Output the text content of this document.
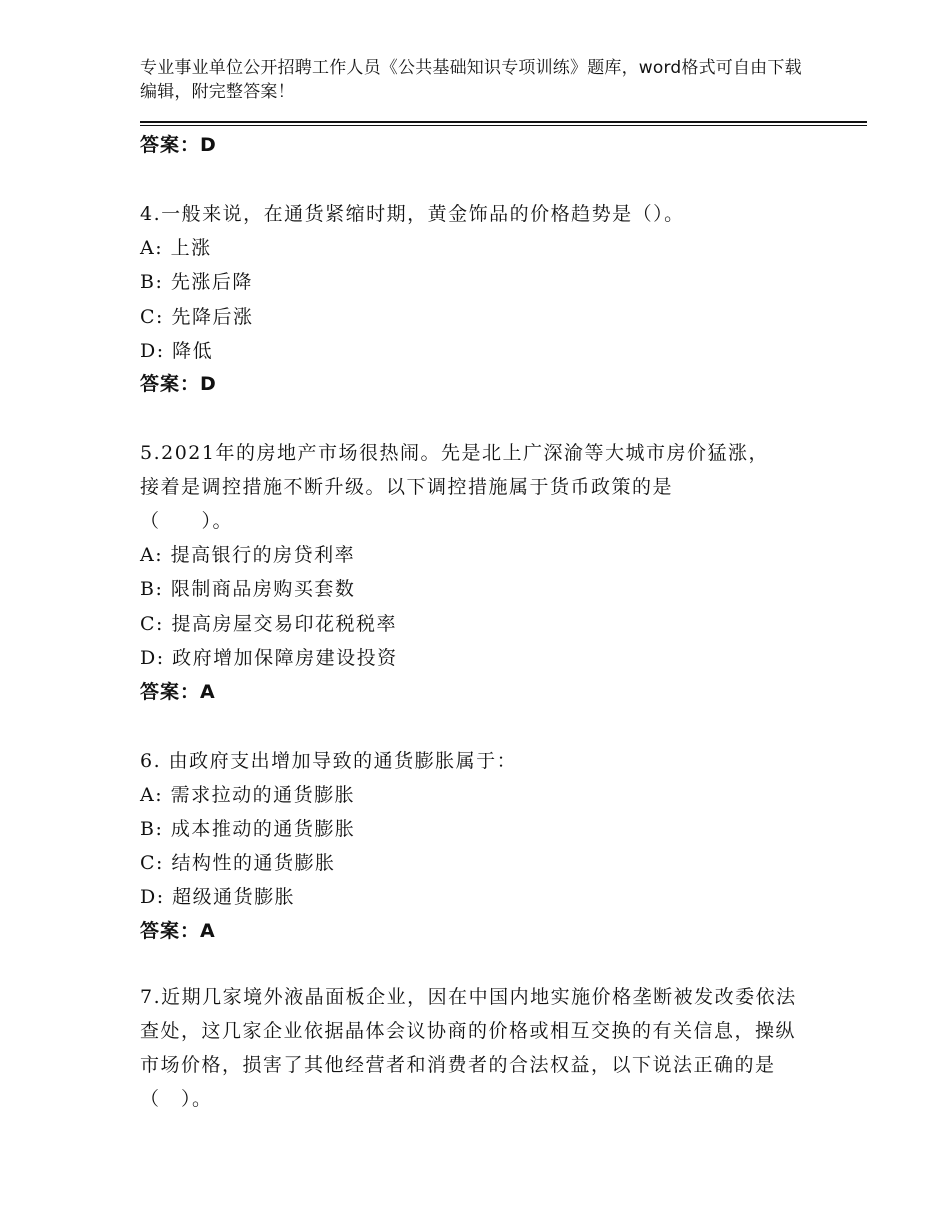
专业事业单位公开招聘工作人员《公共基础知识专项训练》题库，word格式可自由下载编辑，附完整答案！
答案：D
4.一般来说，在通货紧缩时期，黄金饰品的价格趋势是（）。
A: 上涨
B: 先涨后降
C: 先降后涨
D: 降低
答案：D
5.2021年的房地产市场很热闹。先是北上广深渝等大城市房价猛涨，
接着是调控措施不断升级。以下调控措施属于货币政策的是
（　　）。
A: 提高银行的房贷利率
B: 限制商品房购买套数
C: 提高房屋交易印花税税率
D: 政府增加保障房建设投资
答案：A
6. 由政府支出增加导致的通货膨胀属于：
A: 需求拉动的通货膨胀
B: 成本推动的通货膨胀
C: 结构性的通货膨胀
D: 超级通货膨胀
答案：A
7.近期几家境外液晶面板企业，因在中国内地实施价格垄断被发改委依法查处，这几家企业依据晶体会议协商的价格或相互交换的有关信息，操纵市场价格，损害了其他经营者和消费者的合法权益，以下说法正确的是（　）。
